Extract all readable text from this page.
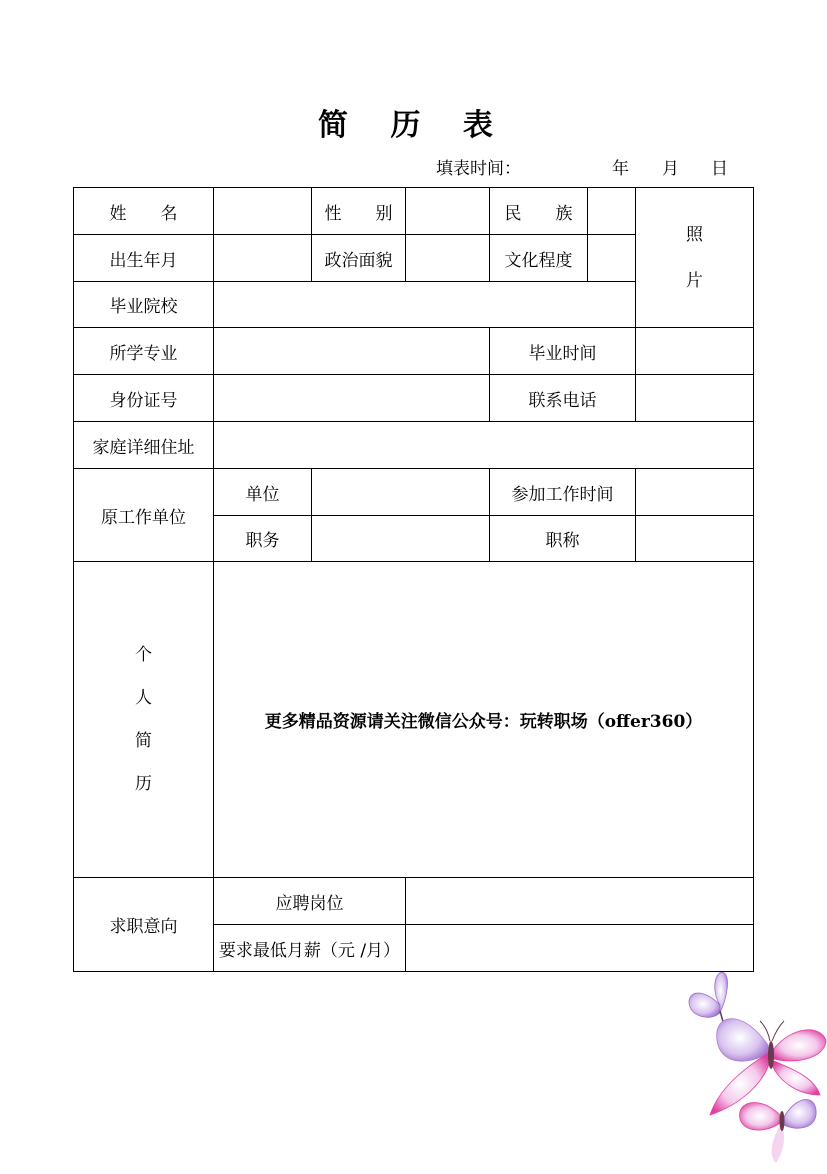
简 历 表
填表时间：	年 月 日
姓　　名		性　　别		民　　族		照
片

出生年月		政治面貌		文化程度		
毕业院校						
所学专业				毕业时间		
身份证号				联系电话		
家庭详细住址						
原工作单位	单位			参加工作时间		
	职务			职称		

个
人
简
历	更多精品资源请关注微信公众号：玩转职场（offer360）					
求职意向	应聘岗位					
	要求最低月薪（元 /月）					
